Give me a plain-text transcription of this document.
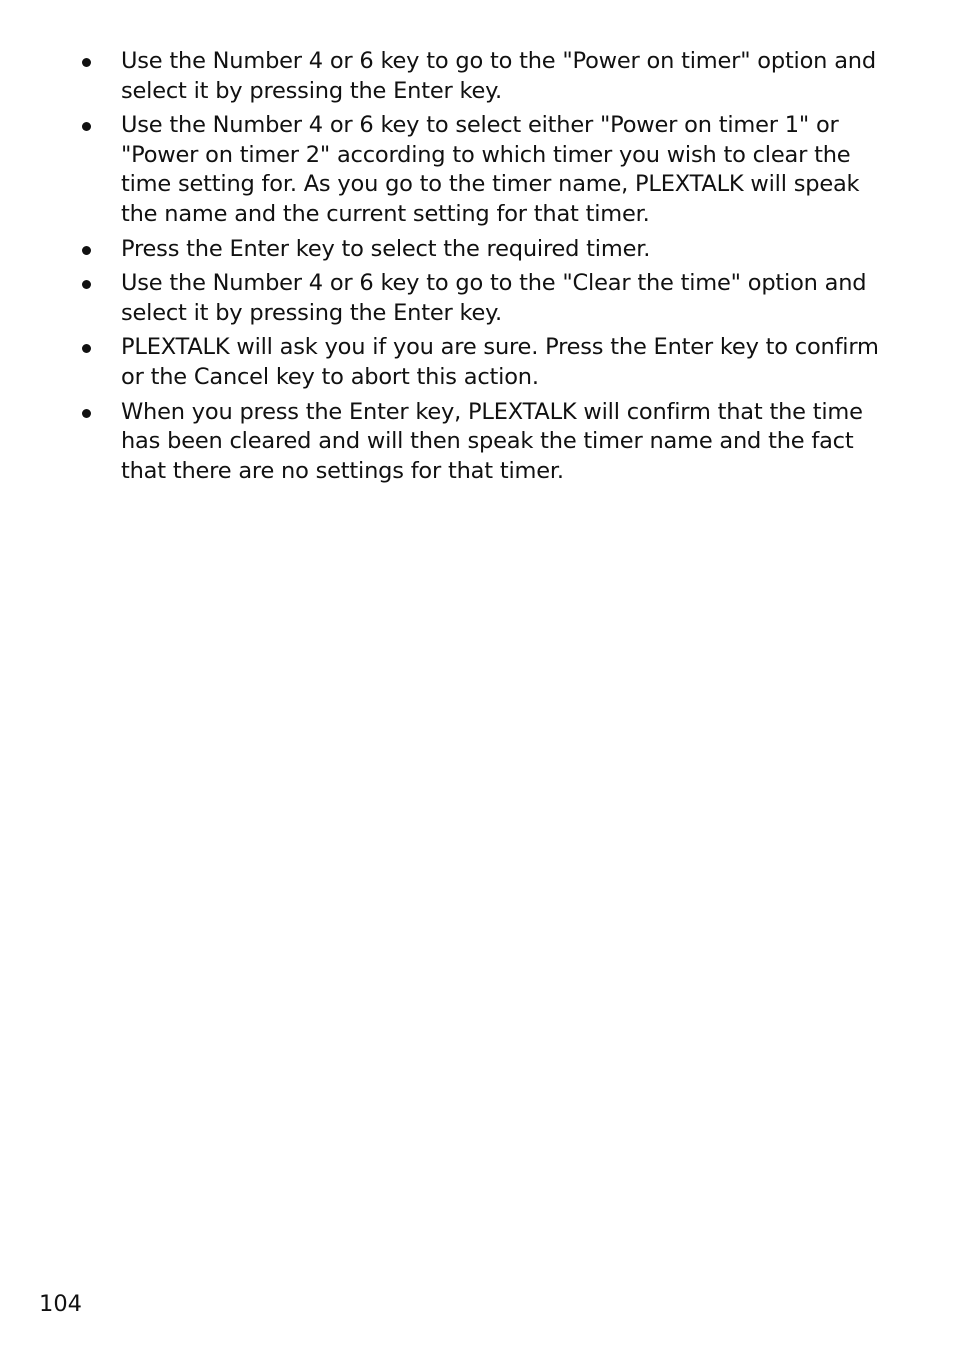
Use the Number 4 or 6 key to go to the "Power on timer" option and select it by pressing the Enter key.
Use the Number 4 or 6 key to select either "Power on timer 1" or "Power on timer 2" according to which timer you wish to clear the time setting for. As you go to the timer name, PLEXTALK will speak the name and the current setting for that timer.
Press the Enter key to select the required timer.
Use the Number 4 or 6 key to go to the "Clear the time" option and select it by pressing the Enter key.
PLEXTALK will ask you if you are sure. Press the Enter key to confirm or the Cancel key to abort this action.
When you press the Enter key, PLEXTALK will confirm that the time has been cleared and will then speak the timer name and the fact that there are no settings for that timer.
104
